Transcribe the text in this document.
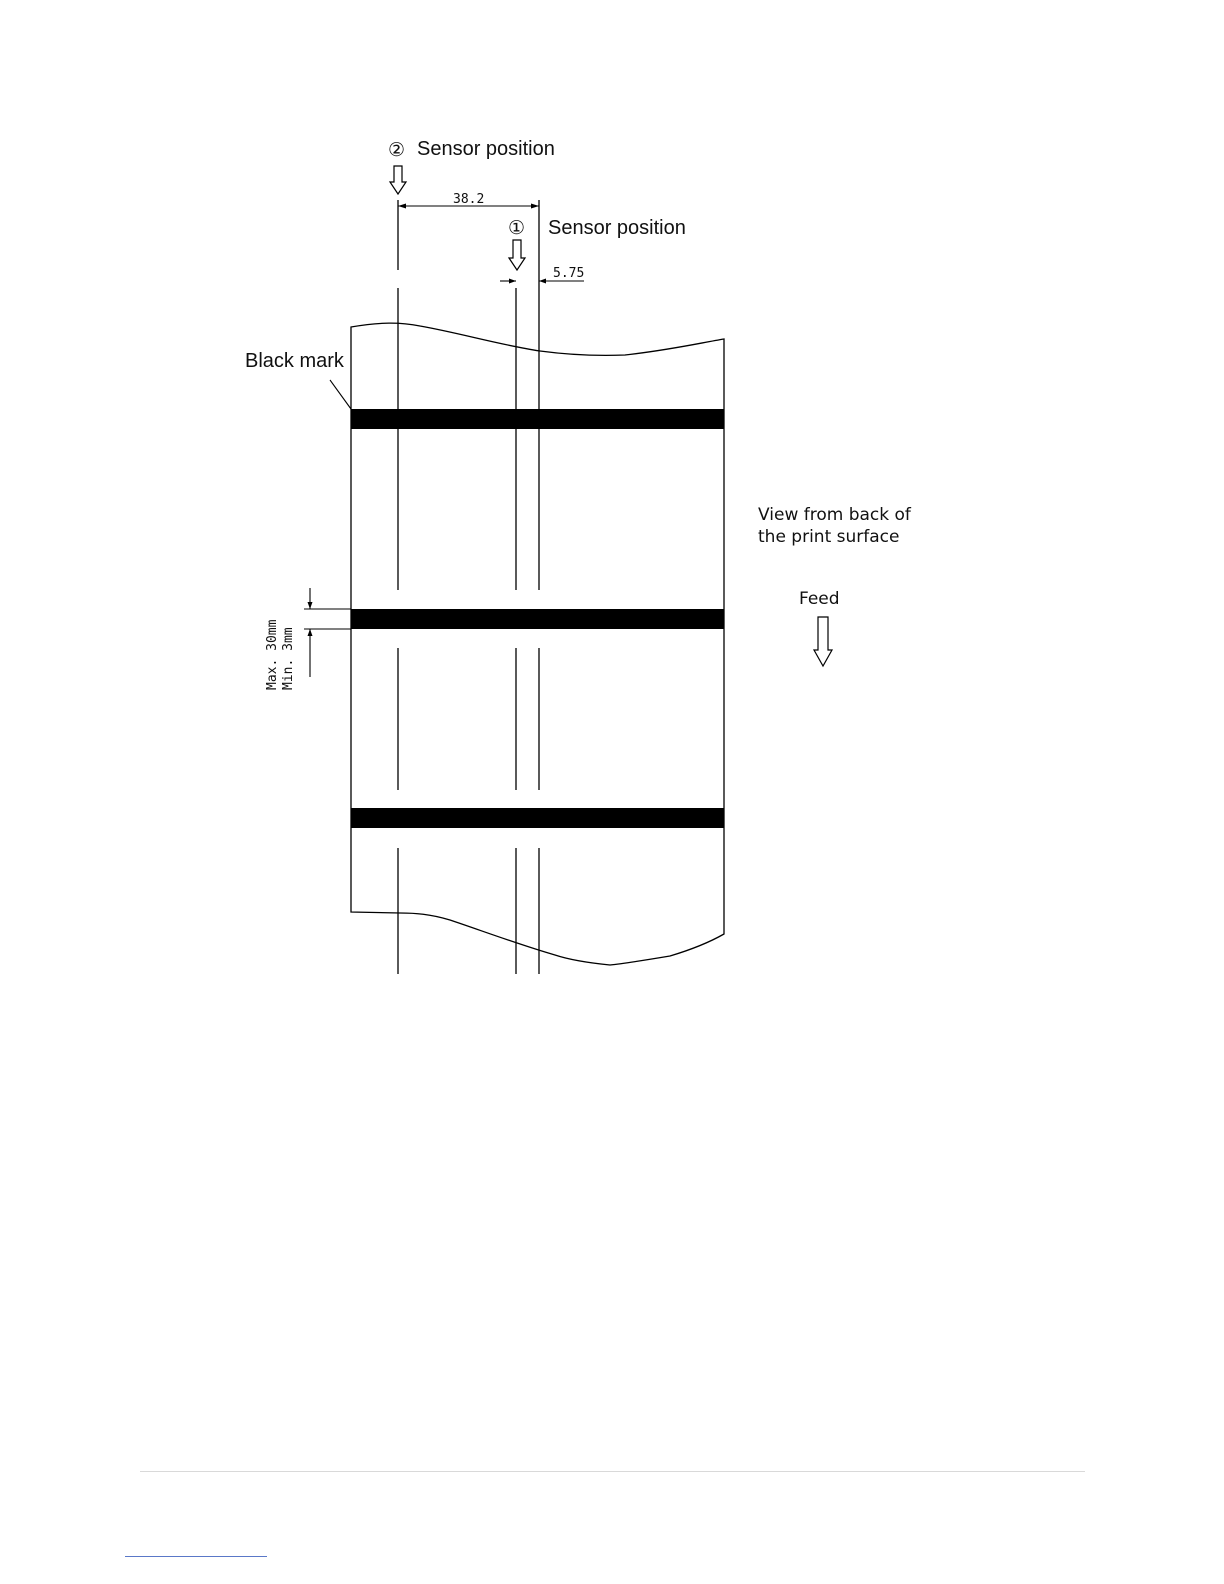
38.2
5.75
② Sensor position
① Sensor position
Black mark
Max. 30mm Min. 3mm
View from back of
the print surface
Feed
